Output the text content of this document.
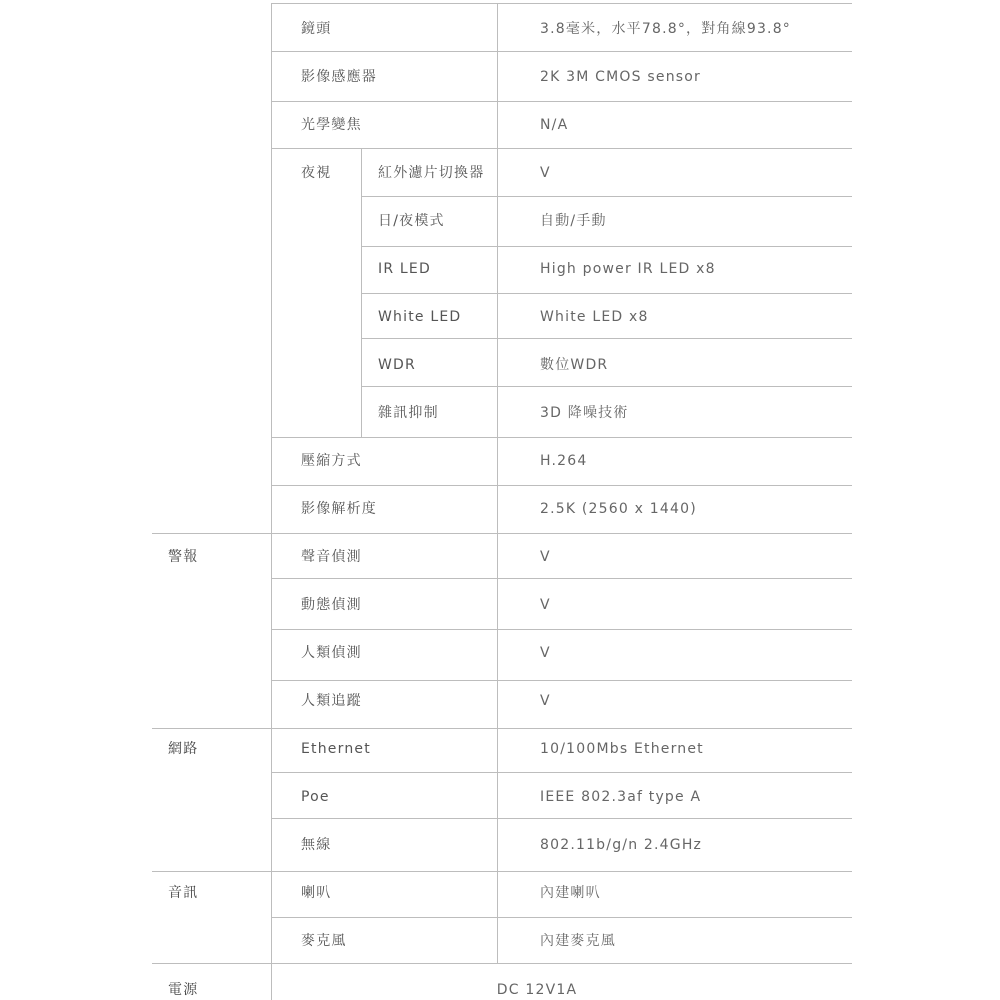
警報
網路
音訊
電源
夜視
鏡頭
影像感應器
光學變焦
紅外濾片切換器
日/夜模式
IR LED
White LED
WDR
雜訊抑制
壓縮方式
影像解析度
聲音偵測
動態偵測
人類偵測
人類追蹤
Ethernet
Poe
無線
喇叭
麥克風
3.8毫米，水平78.8°，對角線93.8°
2K 3M CMOS sensor
N/A
V
自動/手動
High power IR LED x8
White LED x8
數位WDR
3D 降噪技術
H.264
2.5K (2560 x 1440)
V
V
V
V
10/100Mbs Ethernet
IEEE 802.3af type A
802.11b/g/n 2.4GHz
內建喇叭
內建麥克風
DC 12V1A
